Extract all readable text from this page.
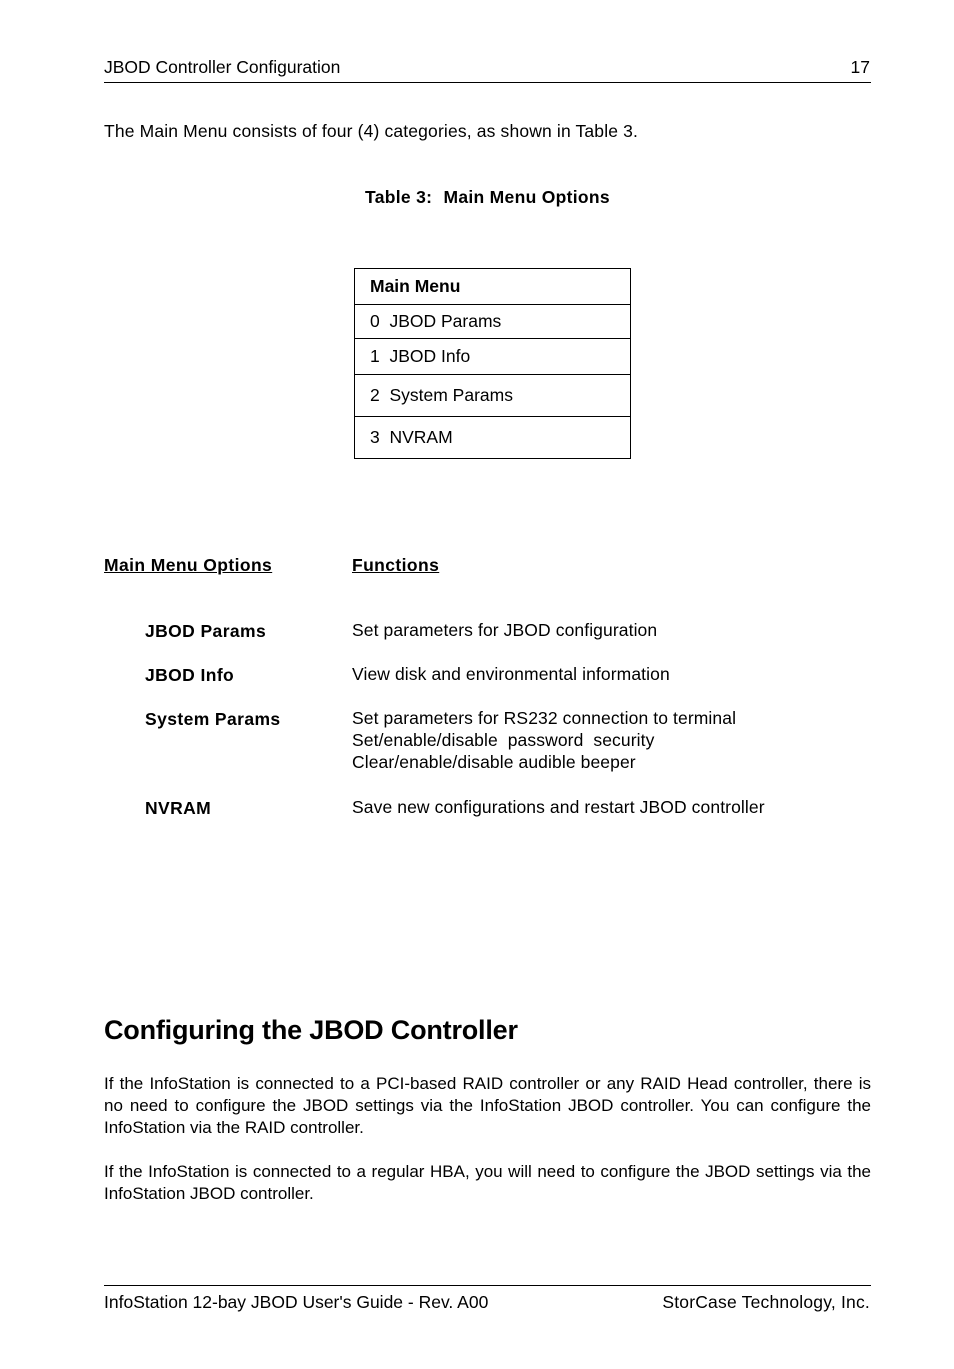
JBOD Controller Configuration	17
The Main Menu consists of four (4) categories, as shown in Table 3.
Table 3: Main Menu Options
Main Menu
0  JBOD Params
1  JBOD Info
2  System Params
3  NVRAM
Main Menu Options	Functions
JBOD Params	Set parameters for JBOD configuration
JBOD Info	View disk and environmental information
System Params	Set parameters for RS232 connection to terminal
Set/enable/disable  password  security
Clear/enable/disable audible beeper
NVRAM	Save new configurations and restart JBOD controller
Configuring the JBOD Controller
If the InfoStation is connected to a PCI-based RAID controller or any RAID Head controller, there is no need to configure the JBOD settings via the InfoStation JBOD controller. You can configure the InfoStation via the RAID controller.
If the InfoStation is connected to a regular HBA, you will need to configure the JBOD settings via the InfoStation JBOD controller.
InfoStation 12-bay JBOD User's Guide - Rev. A00	StorCase Technology, Inc.
